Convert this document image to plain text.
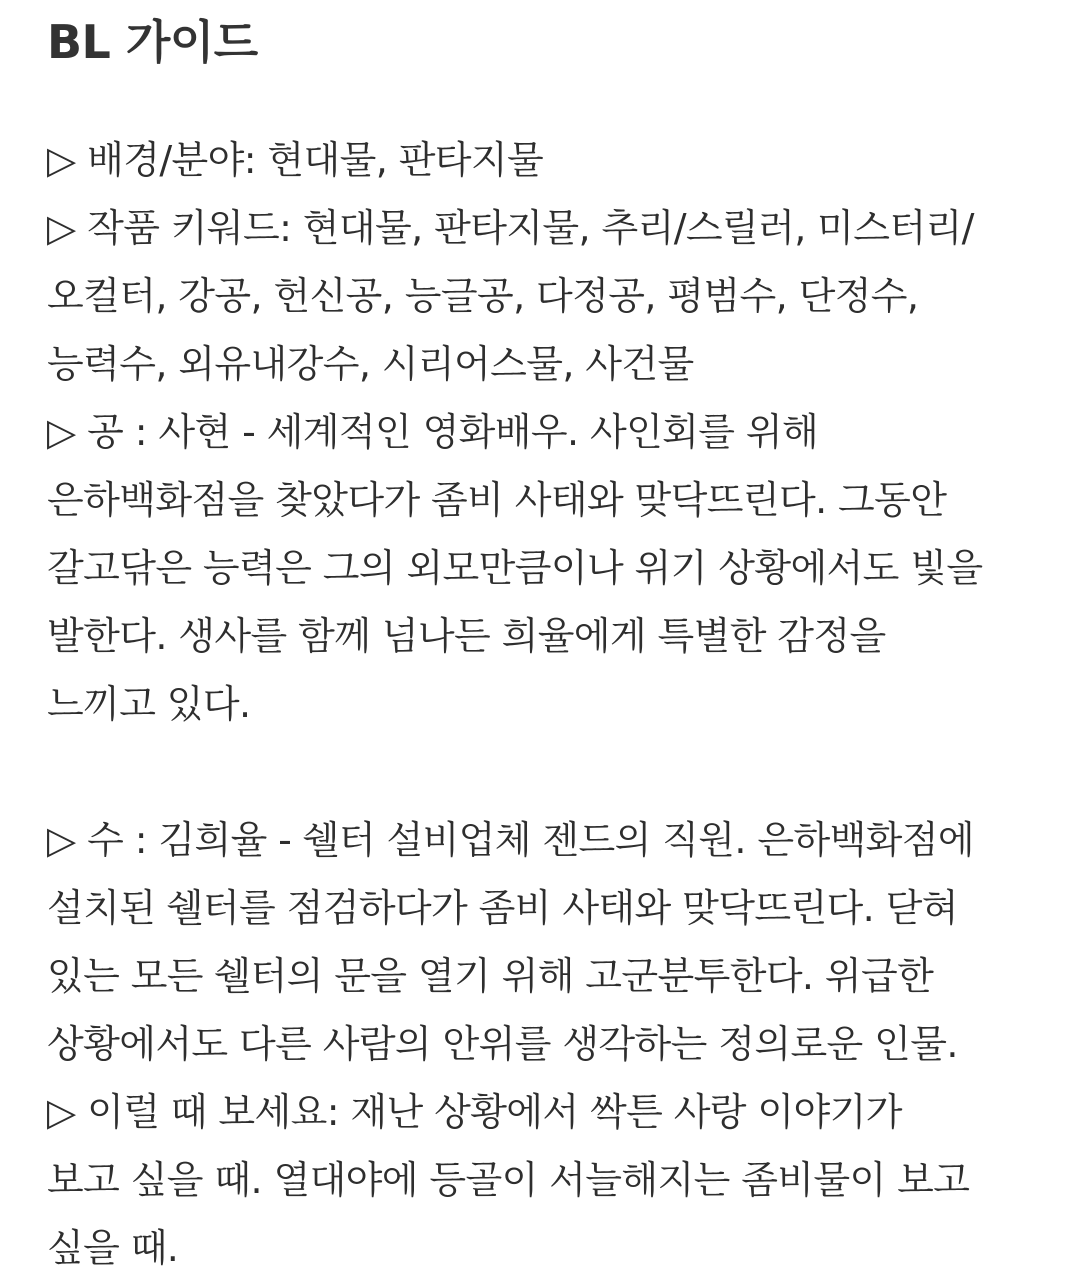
BL 가이드
▷ 배경/분야: 현대물, 판타지물
▷ 작품 키워드: 현대물, 판타지물, 추리/스릴러, 미스터리/
오컬터, 강공, 헌신공, 능글공, 다정공, 평범수, 단정수,
능력수, 외유내강수, 시리어스물, 사건물
▷ 공 : 사현 - 세계적인 영화배우. 사인회를 위해
은하백화점을 찾았다가 좀비 사태와 맞닥뜨린다. 그동안
갈고닦은 능력은 그의 외모만큼이나 위기 상황에서도 빛을
발한다. 생사를 함께 넘나든 희율에게 특별한 감정을
느끼고 있다.
▷ 수 : 김희율 - 쉘터 설비업체 젠드의 직원. 은하백화점에
설치된 쉘터를 점검하다가 좀비 사태와 맞닥뜨린다. 닫혀
있는 모든 쉘터의 문을 열기 위해 고군분투한다. 위급한
상황에서도 다른 사람의 안위를 생각하는 정의로운 인물.
▷ 이럴 때 보세요: 재난 상황에서 싹튼 사랑 이야기가
보고 싶을 때. 열대야에 등골이 서늘해지는 좀비물이 보고
싶을 때.
